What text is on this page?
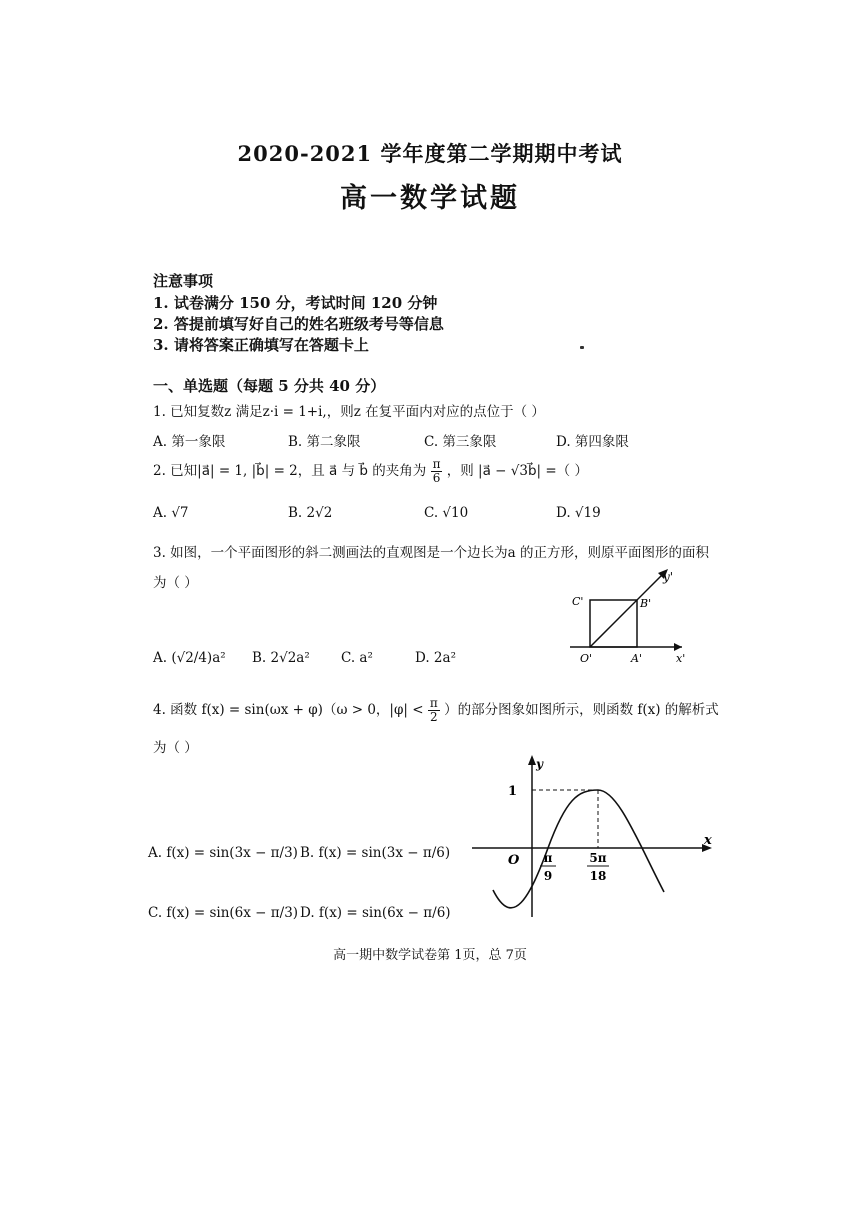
2020-2021 学年度第二学期期中考试
高一数学试题
注意事项
1. 试卷满分 150 分，考试时间 120 分钟
2. 答提前填写好自己的姓名班级考号等信息
3. 请将答案正确填写在答题卡上
一、单选题（每题 5 分共 40 分）
1. 已知复数z 满足z·i = 1+i,，则z 在复平面内对应的点位于（ ）
A. 第一象限	B. 第二象限	C. 第三象限	D. 第四象限
2. 已知|a⃗| = 1, |b⃗| = 2，且 a⃗ 与 b⃗ 的夹角为 $\frac{\pi}{6}$ ，则 |a⃗ − √3b⃗| =（ ）
A. √7	B. 2√2	C. √10	D. √19
3. 如图，一个平面图形的斜二测画法的直观图是一个边长为a 的正方形，则原平面图形的面积
为（ ）
A. (√2/4)a² B. 2√2a² C. a²	D. 2a²
y'
x'
O'	A'
B'
C'
4. 函数 f(x) = sin(ωx + φ)（ω > 0，$|\varphi| < \frac{\pi}{2}$ ）的部分图象如图所示，则函数 f(x) 的解析式
为（ ）
A. f(x) = sin(3x − π/3) B. f(x) = sin(3x − π/6)
C. f(x) = sin(6x − π/3) D. f(x) = sin(6x − π/6)
y
x
O
1
π
9
5π
18
高一期中数学试卷第 1页，总 7页
